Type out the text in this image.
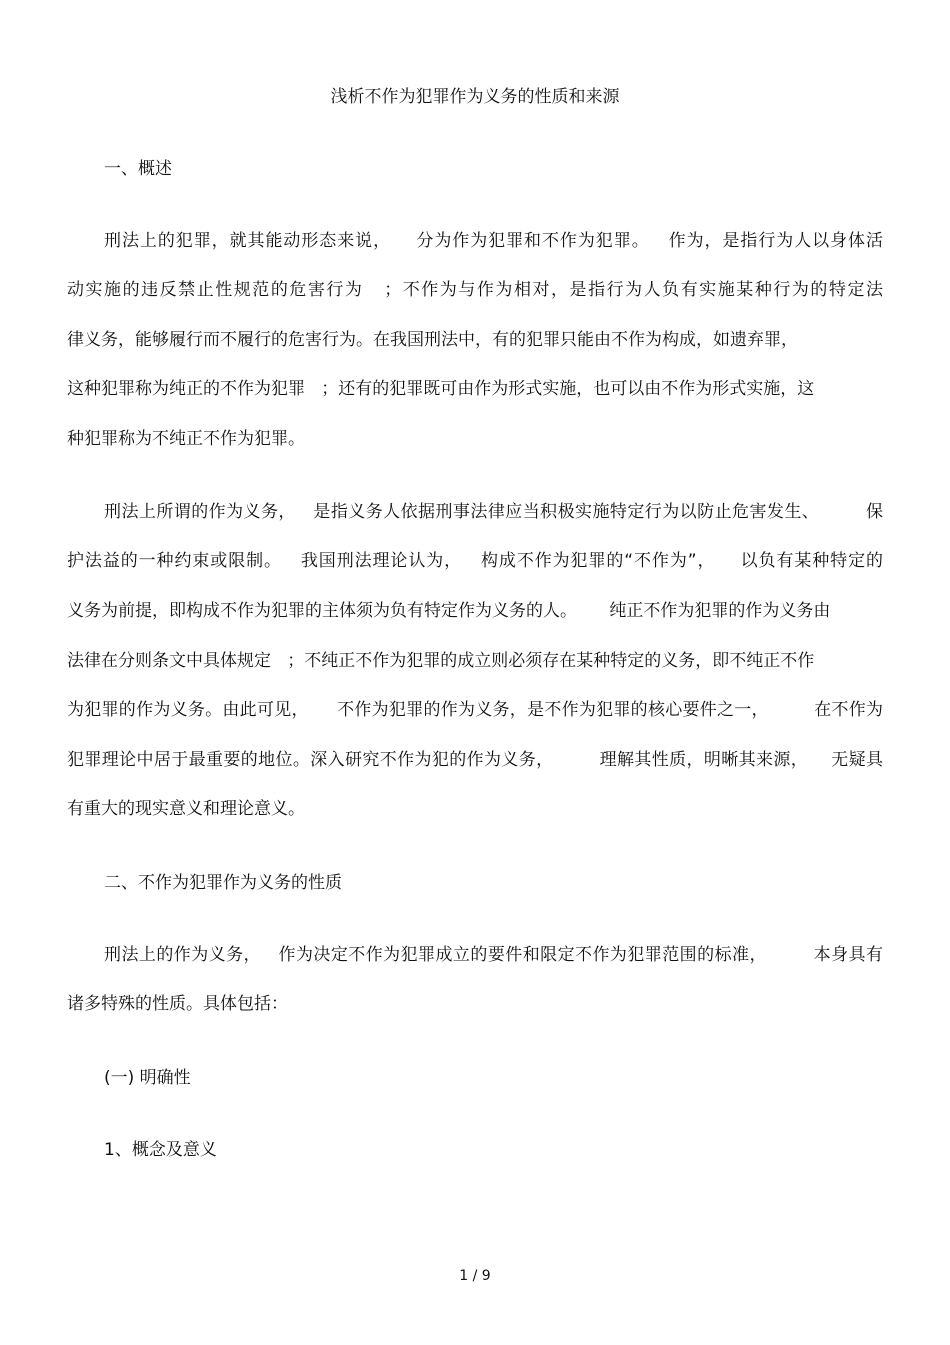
浅析不作为犯罪作为义务的性质和来源

一、概述

刑法上的犯罪，就其能动形态来说，    分为作为犯罪和不作为犯罪。   作为，是指行为人以身体活

动实施的违反禁止性规范的危害行为   ；不作为与作为相对，是指行为人负有实施某种行为的特定法

律义务，能够履行而不履行的危害行为。在我国刑法中，有的犯罪只能由不作为构成，如遗弃罪，

这种犯罪称为纯正的不作为犯罪   ；还有的犯罪既可由作为形式实施，也可以由不作为形式实施，这

种犯罪称为不纯正不作为犯罪。

刑法上所谓的作为义务，   是指义务人依据刑事法律应当积极实施特定行为以防止危害发生、        保

护法益的一种约束或限制。   我国刑法理论认为，   构成不作为犯罪的“不作为”，    以负有某种特定的

义务为前提，即构成不作为犯罪的主体须为负有特定作为义务的人。      纯正不作为犯罪的作为义务由

法律在分则条文中具体规定   ；不纯正不作为犯罪的成立则必须存在某种特定的义务，即不纯正不作

为犯罪的作为义务。由此可见，     不作为犯罪的作为义务，是不作为犯罪的核心要件之一，        在不作为

犯罪理论中居于最重要的地位。深入研究不作为犯的作为义务，        理解其性质，明晰其来源，    无疑具

有重大的现实意义和理论意义。

二、不作为犯罪作为义务的性质

刑法上的作为义务，   作为决定不作为犯罪成立的要件和限定不作为犯罪范围的标准，        本身具有

诸多特殊的性质。具体包括：

(一) 明确性

1、概念及意义

1 / 9
